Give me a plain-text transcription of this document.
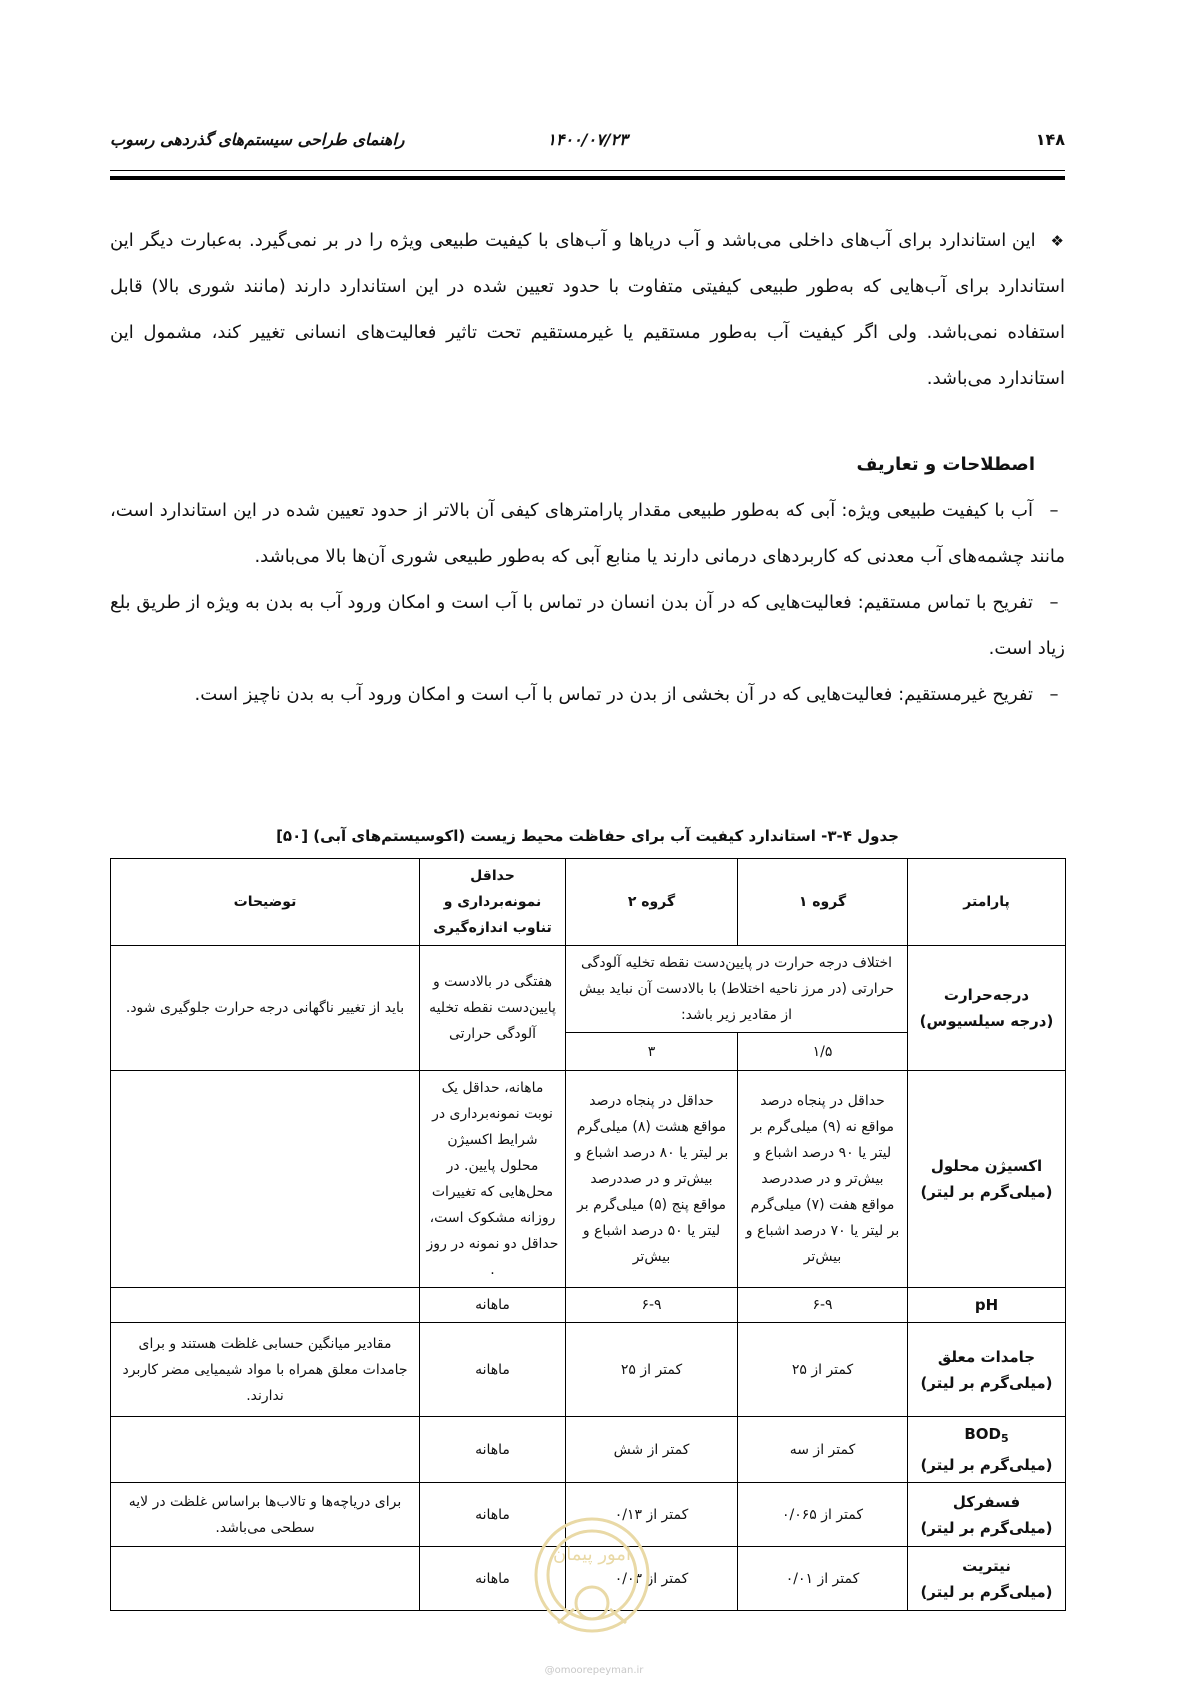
۱۴۸
۱۴۰۰/۰۷/۲۳
راهنمای طراحی سیستم‌های گذردهی رسوب

❖ این استاندارد برای آب‌های داخلی می‌باشد و آب دریاها و آب‌های با کیفیت طبیعی ویژه را در بر نمی‌گیرد. به‌عبارت دیگر این استاندارد برای آب‌هایی که به‌طور طبیعی کیفیتی متفاوت با حدود تعیین شده در این استاندارد دارند (مانند شوری بالا) قابل استفاده نمی‌باشد. ولی اگر کیفیت آب به‌طور مستقیم یا غیرمستقیم تحت تاثیر فعالیت‌های انسانی تغییر کند، مشمول این استاندارد می‌باشد.

اصطلاحات و تعاریف

–آب با کیفیت طبیعی ویژه: آبی که به‌طور طبیعی مقدار پارامترهای کیفی آن بالاتر از حدود تعیین شده در این استاندارد است، مانند چشمه‌های آب معدنی که کاربردهای درمانی دارند یا منابع آبی که به‌طور طبیعی شوری آن‌ها بالا می‌باشد.

–تفریح با تماس مستقیم: فعالیت‌هایی که در آن بدن انسان در تماس با آب است و امکان ورود آب به بدن به ویژه از طریق بلع زیاد است.

–تفریح غیرمستقیم: فعالیت‌هایی که در آن بخشی از بدن در تماس با آب است و امکان ورود آب به بدن ناچیز است.

جدول ۴-۳- استاندارد کیفیت آب برای حفاظت محیط زیست (اکوسیستم‌های آبی) [۵۰]
پارامتر	گروه ۱	گروه ۲	حداقل نمونه‌برداری و تناوب اندازه‌گیری	توضیحات
درجه‌حرارت
(درجه سیلسیوس)	اختلاف درجه حرارت در پایین‌دست نقطه تخلیه آلودگی حرارتی (در مرز ناحیه اختلاط) با بالادست آن نباید بیش از مقادیر زیر باشد:		هفتگی در بالادست و پایین‌دست نقطه تخلیه آلودگی حرارتی	باید از تغییر ناگهانی درجه حرارت جلوگیری شود.
	۱/۵	۳		
اکسیژن محلول
(میلی‌گرم بر لیتر)	حداقل در پنجاه درصد مواقع نه (۹) میلی‌گرم بر لیتر یا ۹۰ درصد اشباع و بیش‌تر و در صددرصد مواقع هفت (۷) میلی‌گرم بر لیتر یا ۷۰ درصد اشباع و بیش‌تر	حداقل در پنجاه درصد مواقع هشت (۸) میلی‌گرم بر لیتر یا ۸۰ درصد اشباع و بیش‌تر و در صددرصد مواقع پنج (۵) میلی‌گرم بر لیتر یا ۵۰ درصد اشباع و بیش‌تر	ماهانه، حداقل یک نوبت نمونه‌برداری در شرایط اکسیژن محلول پایین. در محل‌هایی که تغییرات روزانه مشکوک است، حداقل دو نمونه در روز .	
pH	۶-۹	۶-۹	ماهانه	
جامدات معلق
(میلی‌گرم بر لیتر)	کمتر از ۲۵	کمتر از ۲۵	ماهانه	مقادیر میانگین حسابی غلظت هستند و برای جامدات معلق همراه با مواد شیمیایی مضر کاربرد ندارند.
$BOD_5$
(میلی‌گرم بر لیتر)	کمتر از سه	کمتر از شش	ماهانه	
فسفرکل
(میلی‌گرم بر لیتر)	کمتر از ۰/۰۶۵	کمتر از ۰/۱۳	ماهانه	برای دریاچه‌ها و تالاب‌ها براساس غلظت در لایه سطحی می‌باشد.
نیتریت
(میلی‌گرم بر لیتر)	کمتر از ۰/۰۱	کمتر از ۰/۰۳	ماهانه	
امور پیمان
@omoorepeyman.ir
